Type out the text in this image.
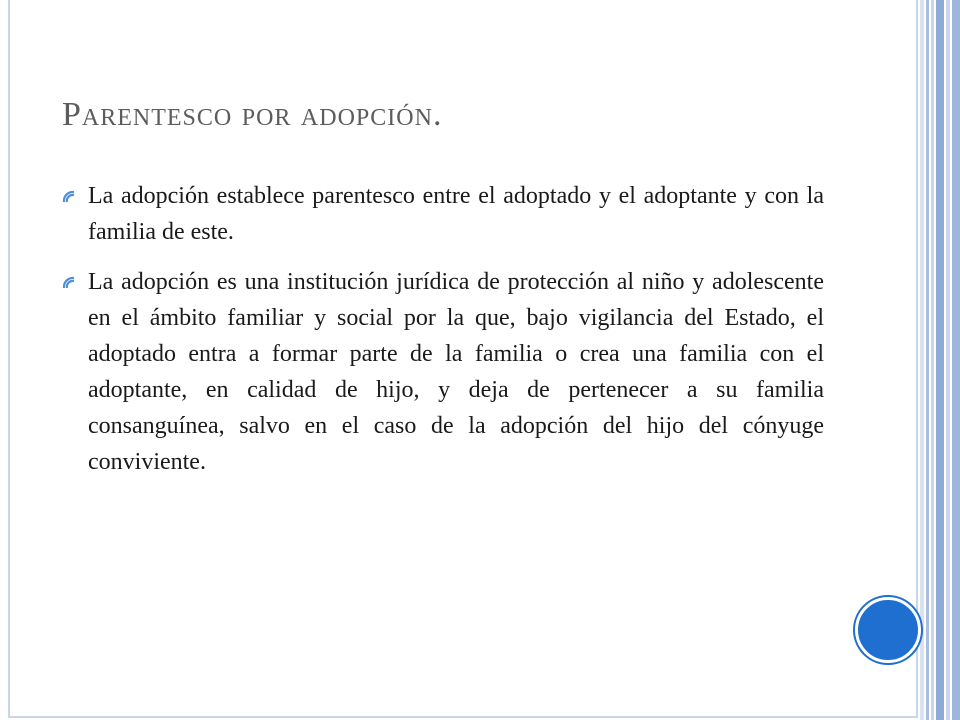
Parentesco por adopción.
La adopción establece parentesco entre el adoptado y el adoptante y con la familia de este.
La adopción es una institución jurídica de protección al niño y adolescente en el ámbito familiar y social por la que, bajo vigilancia del Estado, el adoptado entra a formar parte de la familia o crea una familia con el adoptante, en calidad de hijo, y deja de pertenecer a su familia consanguínea, salvo en el caso de la adopción del hijo del cónyuge conviviente.
